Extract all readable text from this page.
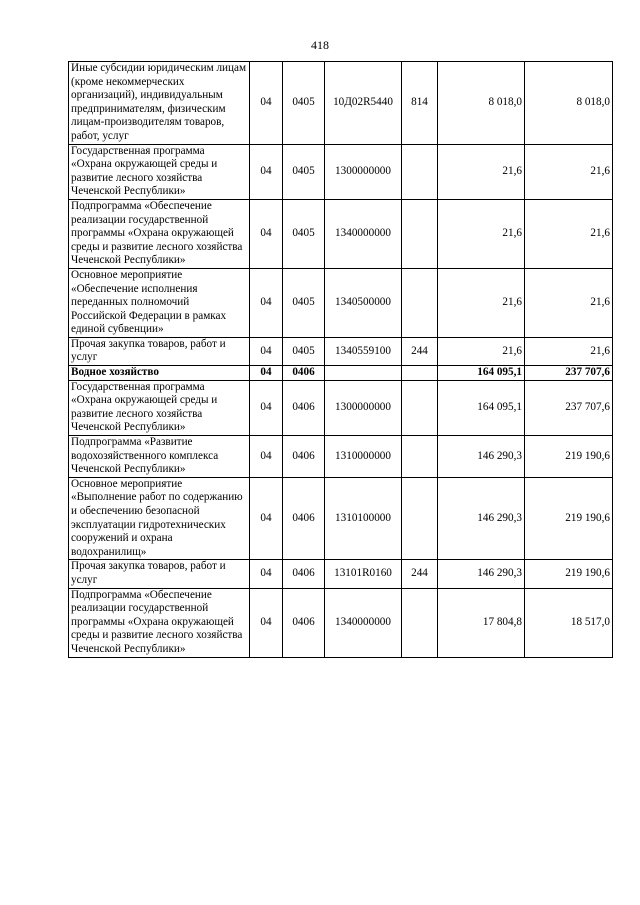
418
Иные субсидии юридическим лицам (кроме некоммерческих организаций), индивидуальным предпринимателям, физическим лицам-производителям товаров, работ, услуг	04	0405	10Д02R5440	814	8 018,0	8 018,0
Государственная программа «Охрана окружающей среды и развитие лесного хозяйства Чеченской Республики»	04	0405	1300000000		21,6	21,6
Подпрограмма «Обеспечение реализации государственной программы «Охрана окружающей среды и развитие лесного хозяйства Чеченской Республики»	04	0405	1340000000		21,6	21,6
Основное мероприятие «Обеспечение исполнения переданных полномочий Российской Федерации в рамках единой субвенции»	04	0405	1340500000		21,6	21,6
Прочая закупка товаров, работ и услуг	04	0405	1340559100	244	21,6	21,6
Водное хозяйство	04	0406			164 095,1	237 707,6
Государственная программа «Охрана окружающей среды и развитие лесного хозяйства Чеченской Республики»	04	0406	1300000000		164 095,1	237 707,6
Подпрограмма «Развитие водохозяйственного комплекса Чеченской Республики»	04	0406	1310000000		146 290,3	219 190,6
Основное мероприятие «Выполнение работ по содержанию и обеспечению безопасной эксплуатации гидротехнических сооружений и охрана водохранилищ»	04	0406	1310100000		146 290,3	219 190,6
Прочая закупка товаров, работ и услуг	04	0406	13101R0160	244	146 290,3	219 190,6
Подпрограмма «Обеспечение реализации государственной программы «Охрана окружающей среды и развитие лесного хозяйства Чеченской Республики»	04	0406	1340000000		17 804,8	18 517,0
